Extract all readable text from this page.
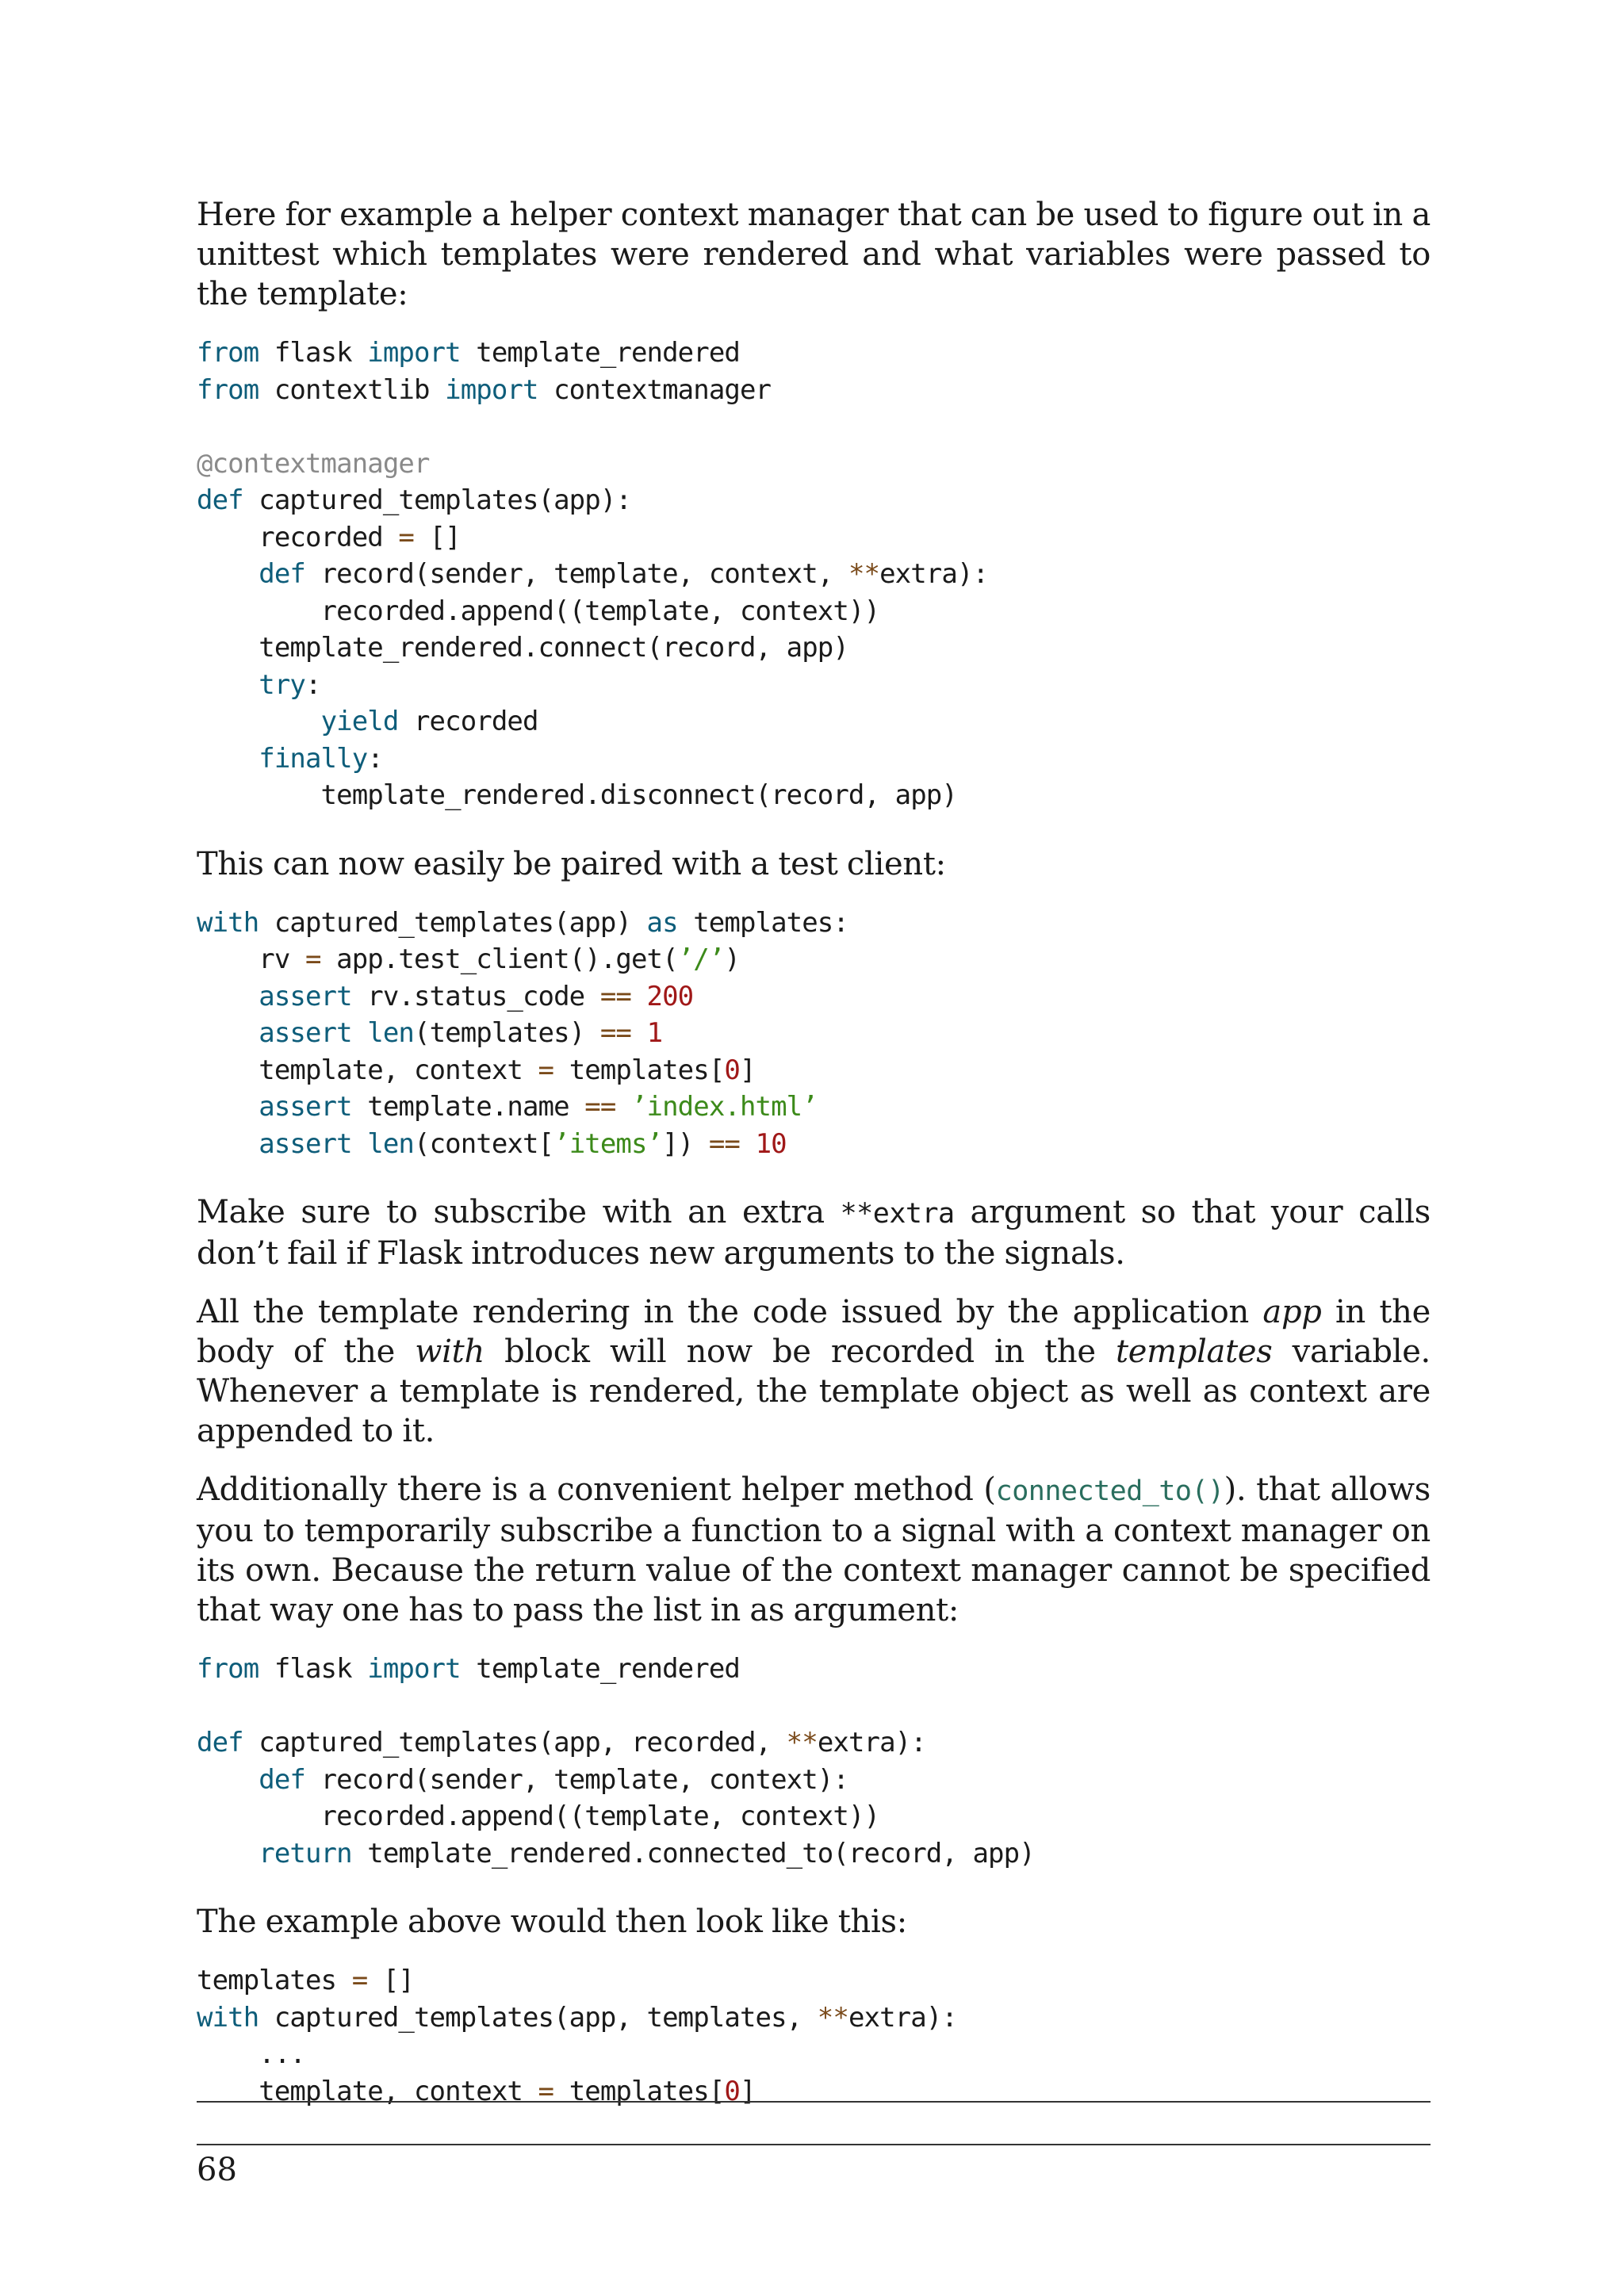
Here for example a helper context manager that can be used to figure out in a unittest which templates were rendered and what variables were passed to the template:

from flask import template_rendered
from contextlib import contextmanager

@contextmanager
def captured_templates(app):
recorded = []
def record(sender, template, context, **extra):
recorded.append((template, context))
template_rendered.connect(record, app)
try:
yield recorded
finally:
template_rendered.disconnect(record, app)

This can now easily be paired with a test client:

with captured_templates(app) as templates:
rv = app.test_client().get(’/’)
assert rv.status_code == 200
assert len(templates) == 1
template, context = templates[0]
assert template.name == ’index.html’
assert len(context[’items’]) == 10

Make sure to subscribe with an extra **extra argument so that your calls don’t fail if Flask introduces new arguments to the signals.

All the template rendering in the code issued by the application app in the body of the with block will now be recorded in the templates variable. Whenever a template is rendered, the template object as well as context are appended to it.

Additionally there is a convenient helper method (connected_to()). that allows you to temporarily subscribe a function to a signal with a context manager on its own. Because the return value of the context manager cannot be specified that way one has to pass the list in as argument:

from flask import template_rendered

def captured_templates(app, recorded, **extra):
def record(sender, template, context):
recorded.append((template, context))
return template_rendered.connected_to(record, app)

The example above would then look like this:

templates = []
with captured_templates(app, templates, **extra):
...
template, context = templates[0]
68
